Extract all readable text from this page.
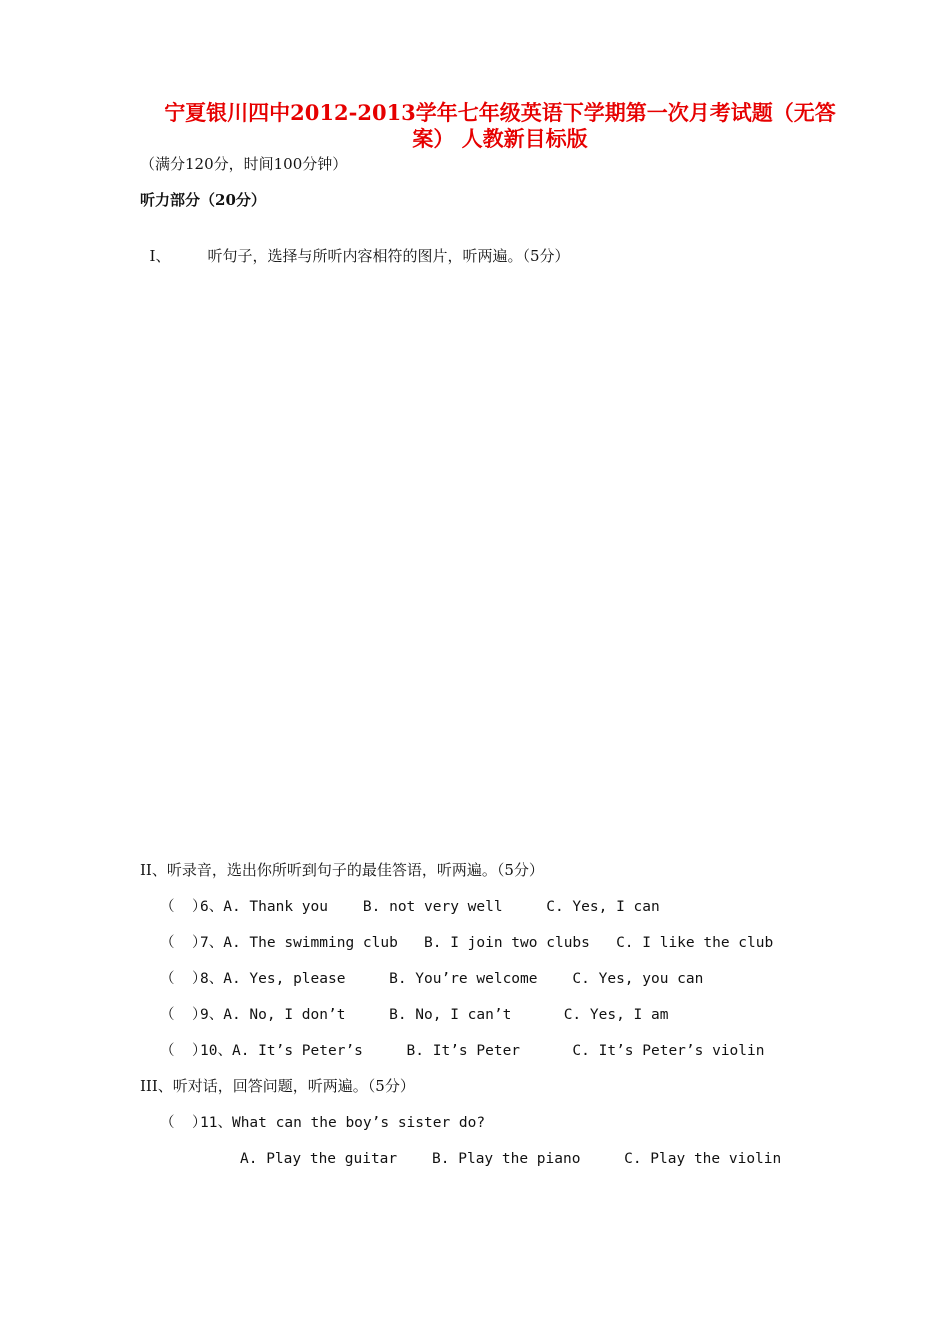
宁夏银川四中2012-2013学年七年级英语下学期第一次月考试题（无答
案） 人教新目标版
（满分120分，时间100分钟）
听力部分（20分）

I、 听句子，选择与所听内容相符的图片，听两遍。（5分）

II、听录音，选出你所听到句子的最佳答语，听两遍。（5分）
（  ）6、A. Thank you    B. not very well     C. Yes, I can
（  ）7、A. The swimming club   B. I join two clubs   C. I like the club
（  ）8、A. Yes, please     B. You’re welcome    C. Yes, you can
（  ）9、A. No, I don’t     B. No, I can’t      C. Yes, I am
（  ）10、A. It’s Peter’s     B. It’s Peter      C. It’s Peter’s violin
III、听对话，回答问题，听两遍。（5分）
（  ）11、What can the boy’s sister do?
A. Play the guitar    B. Play the piano     C. Play the violin
